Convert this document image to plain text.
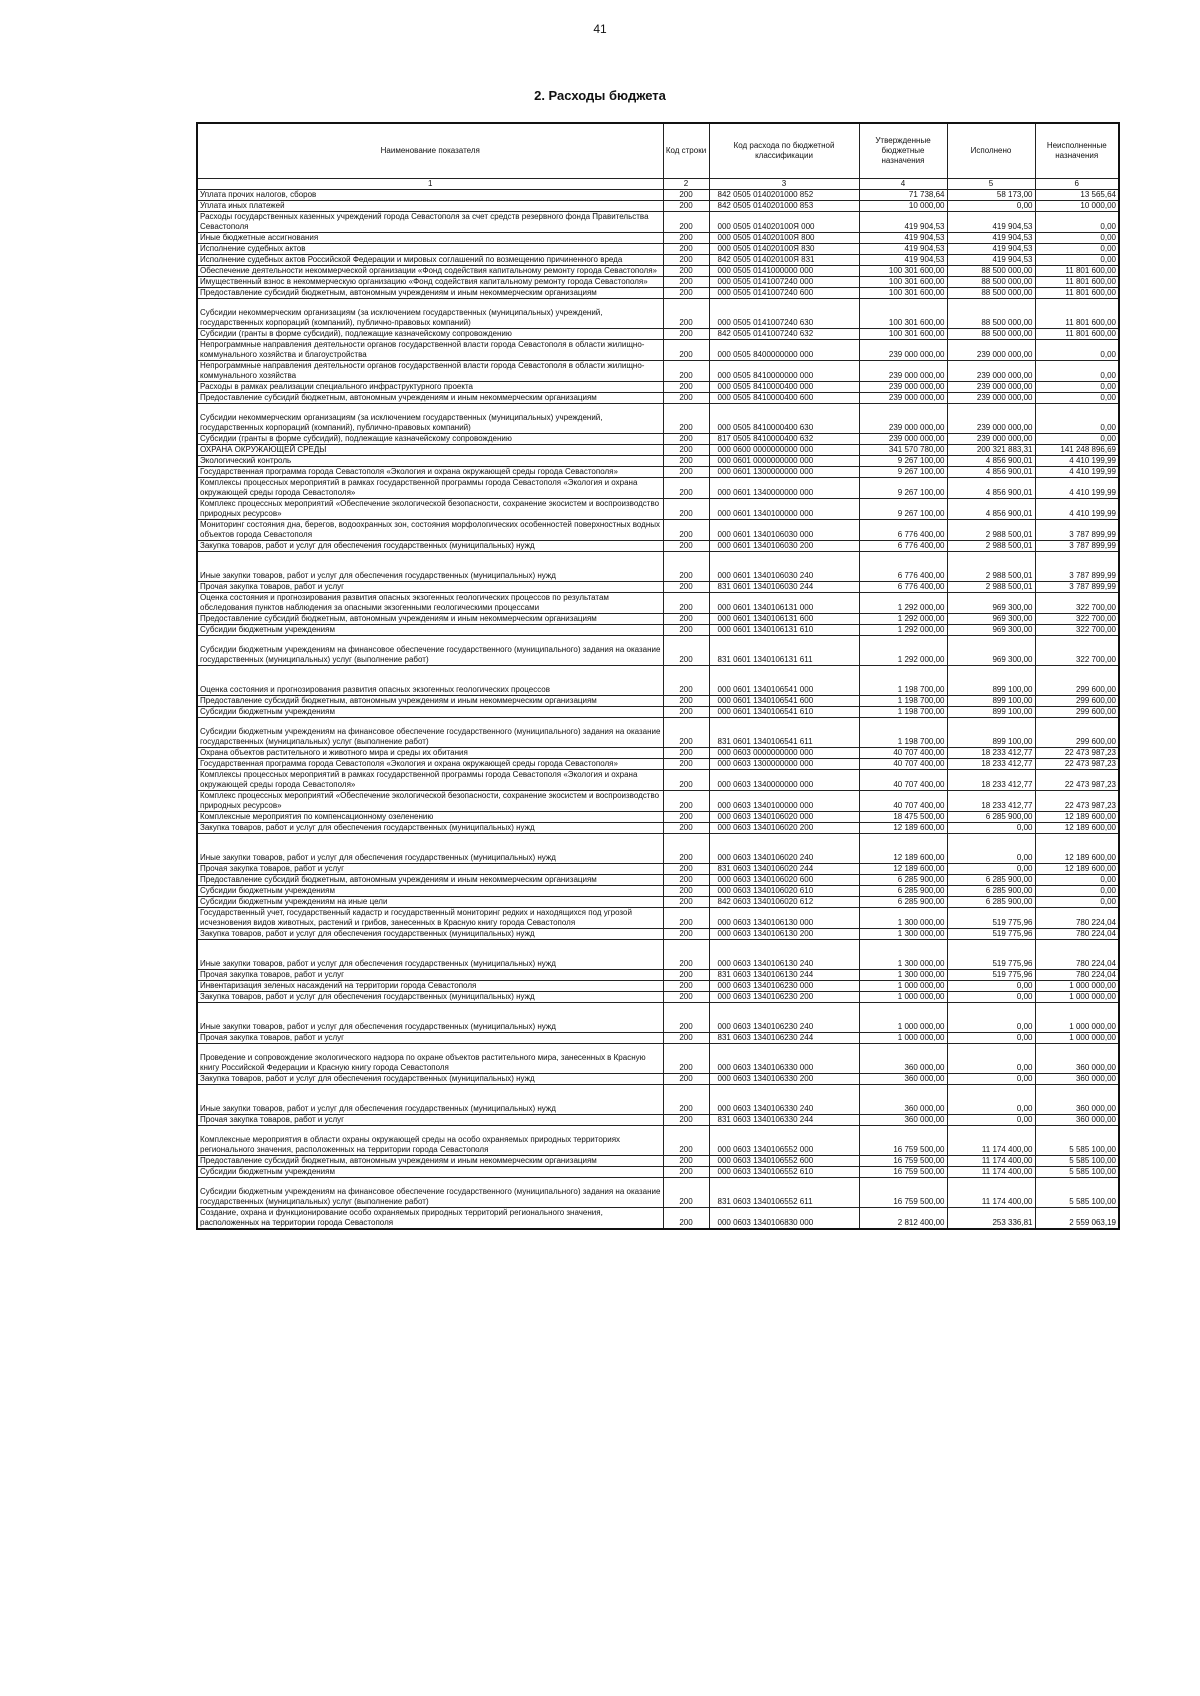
41
2. Расходы бюджета
Наименование показателя	Код строки	Код расхода по бюджетной классификации	Утвержденные бюджетные назначения	Исполнено	Неисполненные назначения
1	2	3	4	5	6
Уплата прочих налогов, сборов	200	842 0505 0140201000 852	71 738,64	58 173,00	13 565,64
Уплата иных платежей	200	842 0505 0140201000 853	10 000,00	0,00	10 000,00
Расходы государственных казенных учреждений города Севастополя за счет средств резервного фонда Правительства Севастополя	200	000 0505 014020100Я 000	419 904,53	419 904,53	0,00
Иные бюджетные ассигнования	200	000 0505 014020100Я 800	419 904,53	419 904,53	0,00
Исполнение судебных актов	200	000 0505 014020100Я 830	419 904,53	419 904,53	0,00
Исполнение судебных актов Российской Федерации и мировых соглашений по возмещению причиненного вреда	200	842 0505 014020100Я 831	419 904,53	419 904,53	0,00
Обеспечение деятельности некоммерческой организации «Фонд содействия капитальному ремонту города Севастополя»	200	000 0505 0141000000 000	100 301 600,00	88 500 000,00	11 801 600,00
Имущественный взнос в некоммерческую организацию «Фонд содействия капитальному ремонту города Севастополя»	200	000 0505 0141007240 000	100 301 600,00	88 500 000,00	11 801 600,00
Предоставление субсидий бюджетным, автономным учреждениям и иным некоммерческим организациям	200	000 0505 0141007240 600	100 301 600,00	88 500 000,00	11 801 600,00
Субсидии некоммерческим организациям (за исключением государственных (муниципальных) учреждений, государственных корпораций (компаний), публично-правовых компаний)	200	000 0505 0141007240 630	100 301 600,00	88 500 000,00	11 801 600,00
Субсидии (гранты в форме субсидий), подлежащие казначейскому сопровождению	200	842 0505 0141007240 632	100 301 600,00	88 500 000,00	11 801 600,00
Непрограммные направления деятельности органов государственной власти города Севастополя в области жилищно-коммунального хозяйства и благоустройства	200	000 0505 8400000000 000	239 000 000,00	239 000 000,00	0,00
Непрограммные направления деятельности органов государственной власти города Севастополя в области жилищно-коммунального хозяйства	200	000 0505 8410000000 000	239 000 000,00	239 000 000,00	0,00
Расходы в рамках реализации специального инфраструктурного проекта	200	000 0505 8410000400 000	239 000 000,00	239 000 000,00	0,00
Предоставление субсидий бюджетным, автономным учреждениям и иным некоммерческим организациям	200	000 0505 8410000400 600	239 000 000,00	239 000 000,00	0,00
Субсидии некоммерческим организациям (за исключением государственных (муниципальных) учреждений, государственных корпораций (компаний), публично-правовых компаний)	200	000 0505 8410000400 630	239 000 000,00	239 000 000,00	0,00
Субсидии (гранты в форме субсидий), подлежащие казначейскому сопровождению	200	817 0505 8410000400 632	239 000 000,00	239 000 000,00	0,00
ОХРАНА ОКРУЖАЮЩЕЙ СРЕДЫ	200	000 0600 0000000000 000	341 570 780,00	200 321 883,31	141 248 896,69
Экологический контроль	200	000 0601 0000000000 000	9 267 100,00	4 856 900,01	4 410 199,99
Государственная программа города Севастополя «Экология и охрана окружающей среды города Севастополя»	200	000 0601 1300000000 000	9 267 100,00	4 856 900,01	4 410 199,99
Комплексы процессных мероприятий в рамках государственной программы города Севастополя «Экология и охрана окружающей среды города Севастополя»	200	000 0601 1340000000 000	9 267 100,00	4 856 900,01	4 410 199,99
Комплекс процессных мероприятий «Обеспечение экологической безопасности, сохранение экосистем и воспроизводство природных ресурсов»	200	000 0601 1340100000 000	9 267 100,00	4 856 900,01	4 410 199,99
Мониторинг состояния дна, берегов, водоохранных зон, состояния морфологических особенностей поверхностных водных объектов города Севастополя	200	000 0601 1340106030 000	6 776 400,00	2 988 500,01	3 787 899,99
Закупка товаров, работ и услуг для обеспечения государственных (муниципальных) нужд	200	000 0601 1340106030 200	6 776 400,00	2 988 500,01	3 787 899,99
Иные закупки товаров, работ и услуг для обеспечения государственных (муниципальных) нужд	200	000 0601 1340106030 240	6 776 400,00	2 988 500,01	3 787 899,99
Прочая закупка товаров, работ и услуг	200	831 0601 1340106030 244	6 776 400,00	2 988 500,01	3 787 899,99
Оценка состояния и прогнозирования развития опасных экзогенных геологических процессов по результатам обследования пунктов наблюдения за опасными экзогенными геологическими процессами	200	000 0601 1340106131 000	1 292 000,00	969 300,00	322 700,00
Предоставление субсидий бюджетным, автономным учреждениям и иным некоммерческим организациям	200	000 0601 1340106131 600	1 292 000,00	969 300,00	322 700,00
Субсидии бюджетным учреждениям	200	000 0601 1340106131 610	1 292 000,00	969 300,00	322 700,00
Субсидии бюджетным учреждениям на финансовое обеспечение государственного (муниципального) задания на оказание государственных (муниципальных) услуг (выполнение работ)	200	831 0601 1340106131 611	1 292 000,00	969 300,00	322 700,00
Оценка состояния и прогнозирования развития опасных экзогенных геологических процессов	200	000 0601 1340106541 000	1 198 700,00	899 100,00	299 600,00
Предоставление субсидий бюджетным, автономным учреждениям и иным некоммерческим организациям	200	000 0601 1340106541 600	1 198 700,00	899 100,00	299 600,00
Субсидии бюджетным учреждениям	200	000 0601 1340106541 610	1 198 700,00	899 100,00	299 600,00
Субсидии бюджетным учреждениям на финансовое обеспечение государственного (муниципального) задания на оказание государственных (муниципальных) услуг (выполнение работ)	200	831 0601 1340106541 611	1 198 700,00	899 100,00	299 600,00
Охрана объектов растительного и животного мира и среды их обитания	200	000 0603 0000000000 000	40 707 400,00	18 233 412,77	22 473 987,23
Государственная программа города Севастополя «Экология и охрана окружающей среды города Севастополя»	200	000 0603 1300000000 000	40 707 400,00	18 233 412,77	22 473 987,23
Комплексы процессных мероприятий в рамках государственной программы города Севастополя «Экология и охрана окружающей среды города Севастополя»	200	000 0603 1340000000 000	40 707 400,00	18 233 412,77	22 473 987,23
Комплекс процессных мероприятий «Обеспечение экологической безопасности, сохранение экосистем и воспроизводство природных ресурсов»	200	000 0603 1340100000 000	40 707 400,00	18 233 412,77	22 473 987,23
Комплексные мероприятия по компенсационному озеленению	200	000 0603 1340106020 000	18 475 500,00	6 285 900,00	12 189 600,00
Закупка товаров, работ и услуг для обеспечения государственных (муниципальных) нужд	200	000 0603 1340106020 200	12 189 600,00	0,00	12 189 600,00
Иные закупки товаров, работ и услуг для обеспечения государственных (муниципальных) нужд	200	000 0603 1340106020 240	12 189 600,00	0,00	12 189 600,00
Прочая закупка товаров, работ и услуг	200	831 0603 1340106020 244	12 189 600,00	0,00	12 189 600,00
Предоставление субсидий бюджетным, автономным учреждениям и иным некоммерческим организациям	200	000 0603 1340106020 600	6 285 900,00	6 285 900,00	0,00
Субсидии бюджетным учреждениям	200	000 0603 1340106020 610	6 285 900,00	6 285 900,00	0,00
Субсидии бюджетным учреждениям на иные цели	200	842 0603 1340106020 612	6 285 900,00	6 285 900,00	0,00
Государственный учет, государственный кадастр и государственный мониторинг редких и находящихся под угрозой исчезновения видов животных, растений и грибов, занесенных в Красную книгу города Севастополя	200	000 0603 1340106130 000	1 300 000,00	519 775,96	780 224,04
Закупка товаров, работ и услуг для обеспечения государственных (муниципальных) нужд	200	000 0603 1340106130 200	1 300 000,00	519 775,96	780 224,04
Иные закупки товаров, работ и услуг для обеспечения государственных (муниципальных) нужд	200	000 0603 1340106130 240	1 300 000,00	519 775,96	780 224,04
Прочая закупка товаров, работ и услуг	200	831 0603 1340106130 244	1 300 000,00	519 775,96	780 224,04
Инвентаризация зеленых насаждений на территории города Севастополя	200	000 0603 1340106230 000	1 000 000,00	0,00	1 000 000,00
Закупка товаров, работ и услуг для обеспечения государственных (муниципальных) нужд	200	000 0603 1340106230 200	1 000 000,00	0,00	1 000 000,00
Иные закупки товаров, работ и услуг для обеспечения государственных (муниципальных) нужд	200	000 0603 1340106230 240	1 000 000,00	0,00	1 000 000,00
Прочая закупка товаров, работ и услуг	200	831 0603 1340106230 244	1 000 000,00	0,00	1 000 000,00
Проведение и сопровождение экологического надзора по охране объектов растительного мира, занесенных в Красную книгу Российской Федерации и Красную книгу города Севастополя	200	000 0603 1340106330 000	360 000,00	0,00	360 000,00
Закупка товаров, работ и услуг для обеспечения государственных (муниципальных) нужд	200	000 0603 1340106330 200	360 000,00	0,00	360 000,00
Иные закупки товаров, работ и услуг для обеспечения государственных (муниципальных) нужд	200	000 0603 1340106330 240	360 000,00	0,00	360 000,00
Прочая закупка товаров, работ и услуг	200	831 0603 1340106330 244	360 000,00	0,00	360 000,00
Комплексные мероприятия в области охраны окружающей среды на особо охраняемых природных территориях регионального значения, расположенных на территории города Севастополя	200	000 0603 1340106552 000	16 759 500,00	11 174 400,00	5 585 100,00
Предоставление субсидий бюджетным, автономным учреждениям и иным некоммерческим организациям	200	000 0603 1340106552 600	16 759 500,00	11 174 400,00	5 585 100,00
Субсидии бюджетным учреждениям	200	000 0603 1340106552 610	16 759 500,00	11 174 400,00	5 585 100,00
Субсидии бюджетным учреждениям на финансовое обеспечение государственного (муниципального) задания на оказание государственных (муниципальных) услуг (выполнение работ)	200	831 0603 1340106552 611	16 759 500,00	11 174 400,00	5 585 100,00
Создание, охрана и функционирование особо охраняемых природных территорий регионального значения, расположенных на территории города Севастополя	200	000 0603 1340106830 000	2 812 400,00	253 336,81	2 559 063,19
